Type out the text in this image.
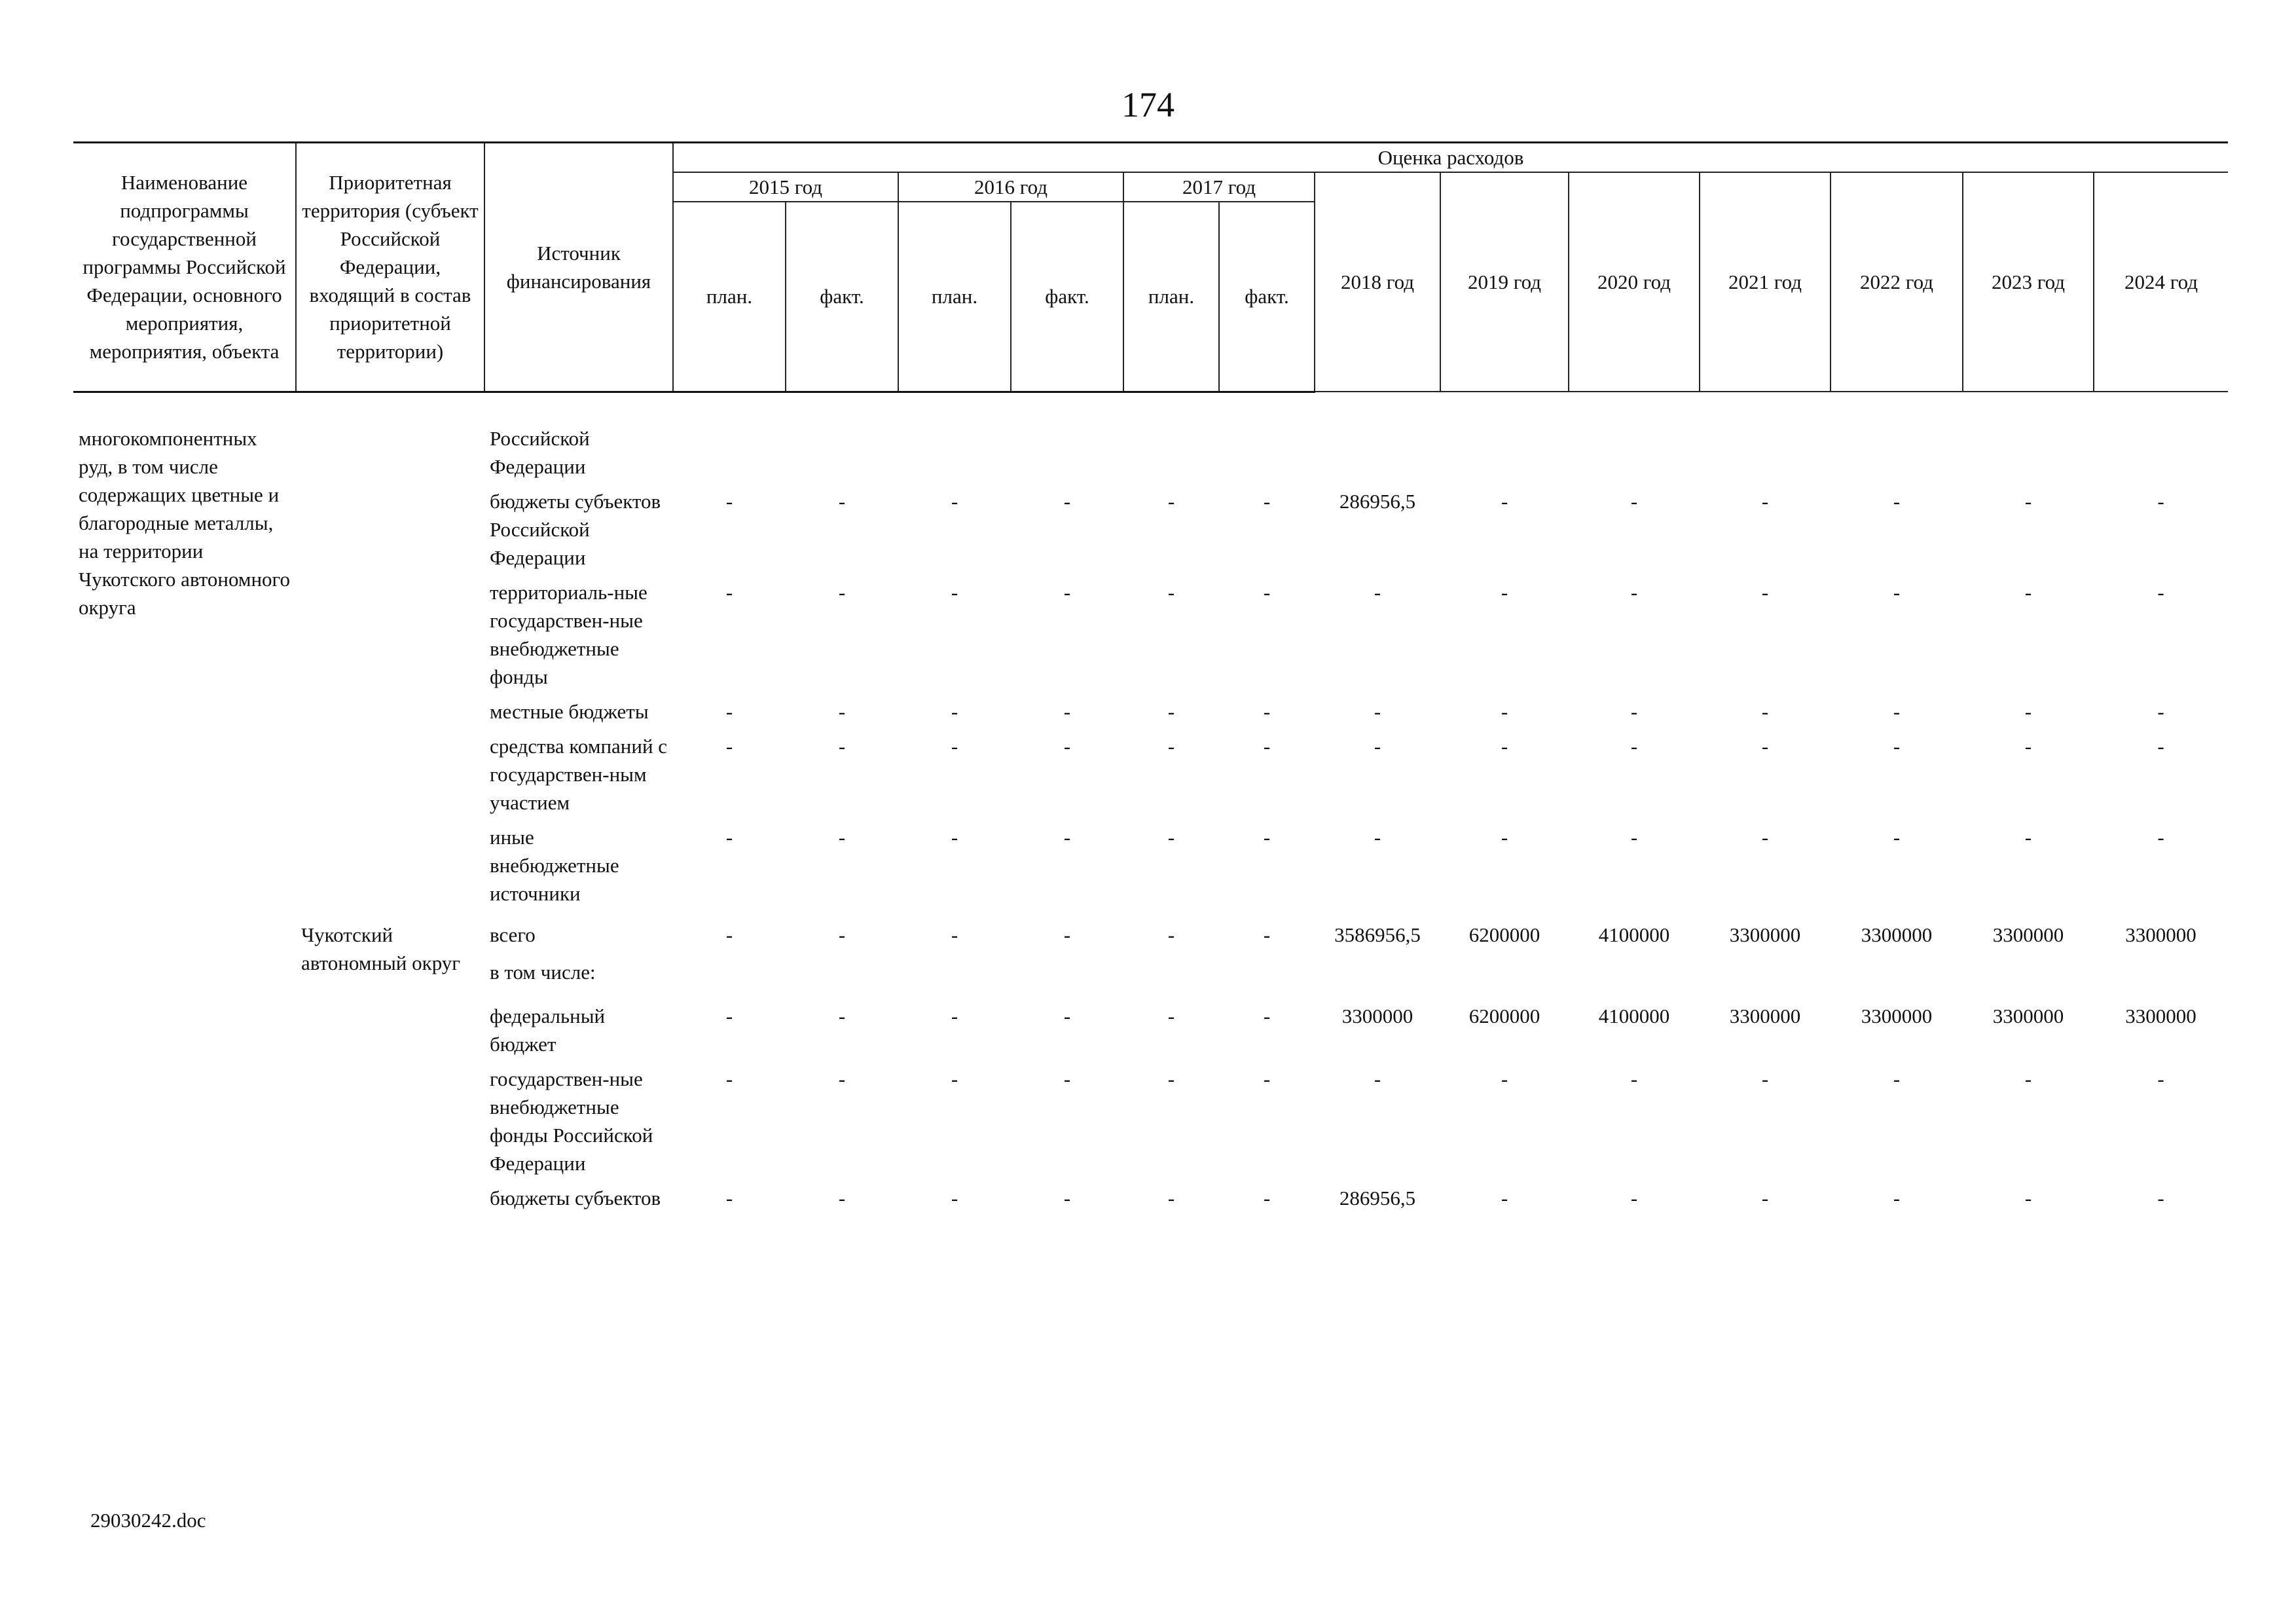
174
Наименование подпрограммы государственной программы Российской Федерации, основного мероприятия, мероприятия, объекта	Приоритетная территория (субъект Российской Федерации, входящий в состав приоритетной территории)	Источник финансирования	Оценка расходов												
			2015 год		2016 год		2017 год		2018 год	2019 год	2020 год	2021 год	2022 год	2023 год	2024 год
			план.	факт.	план.	факт.	план.	факт.							

многокомпонентных руд, в том числе содержащих цветные и благородные металлы, на территории Чукотского автономного округа		Российской Федерации													
		бюджеты субъектов Российской Федерации	-	-	-	-	-	-	286956,5	-	-	-	-	-	-
		территориаль-ные государствен-ные внебюджетные фонды	-	-	-	-	-	-	-	-	-	-	-	-	-
		местные бюджеты	-	-	-	-	-	-	-	-	-	-	-	-	-
		средства компаний с государствен-ным участием	-	-	-	-	-	-	-	-	-	-	-	-	-
		иные внебюджетные источники	-	-	-	-	-	-	-	-	-	-	-	-	-
	Чукотский автономный округ	всего	-	-	-	-	-	-	3586956,5	6200000	4100000	3300000	3300000	3300000	3300000
		в том числе:													
		федеральный бюджет	-	-	-	-	-	-	3300000	6200000	4100000	3300000	3300000	3300000	3300000
		государствен-ные внебюджетные фонды Российской Федерации	-	-	-	-	-	-	-	-	-	-	-	-	-
		бюджеты субъектов	-	-	-	-	-	-	286956,5	-	-	-	-	-	-
29030242.doc
